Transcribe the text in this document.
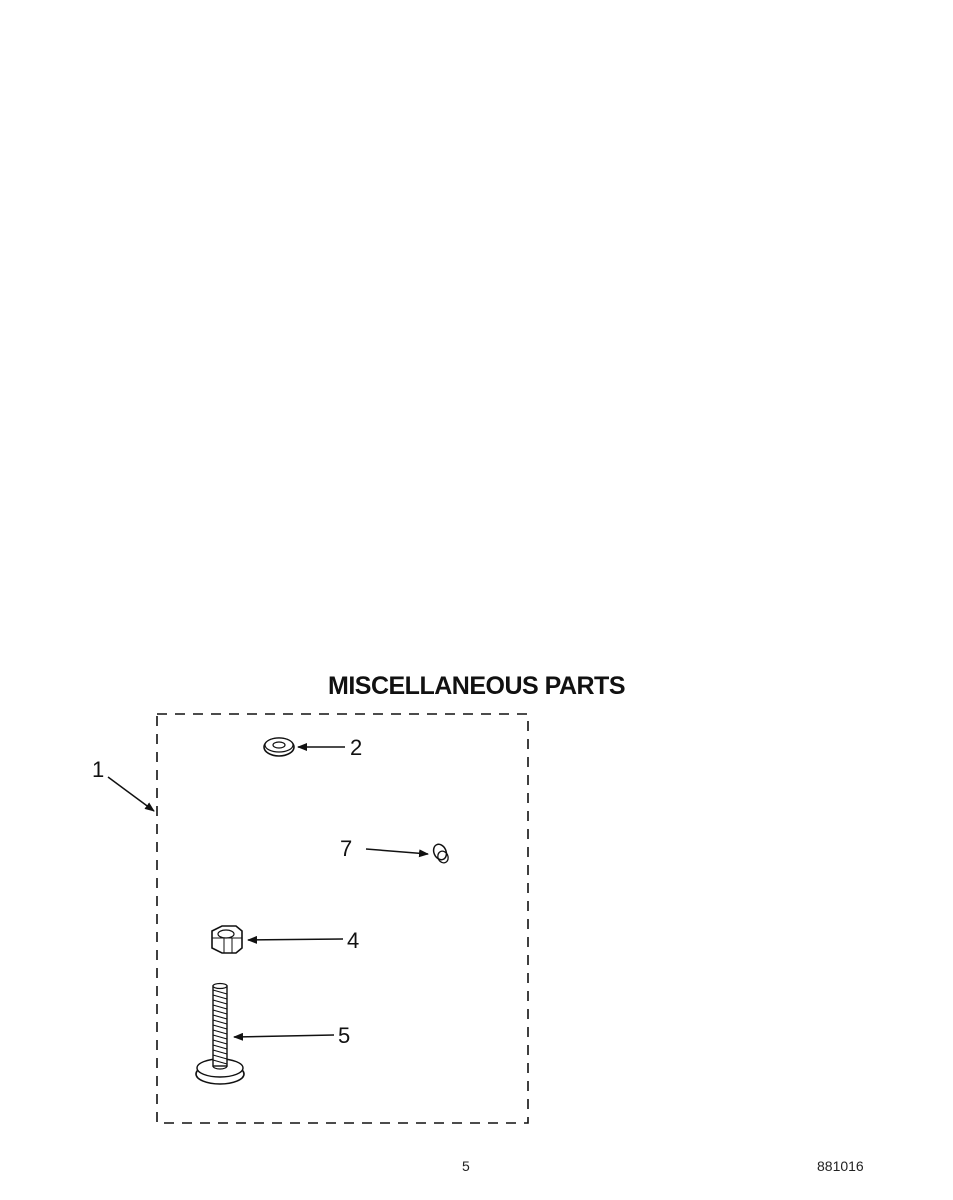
MISCELLANEOUS PARTS
1
2
7
4
5
5	881016
